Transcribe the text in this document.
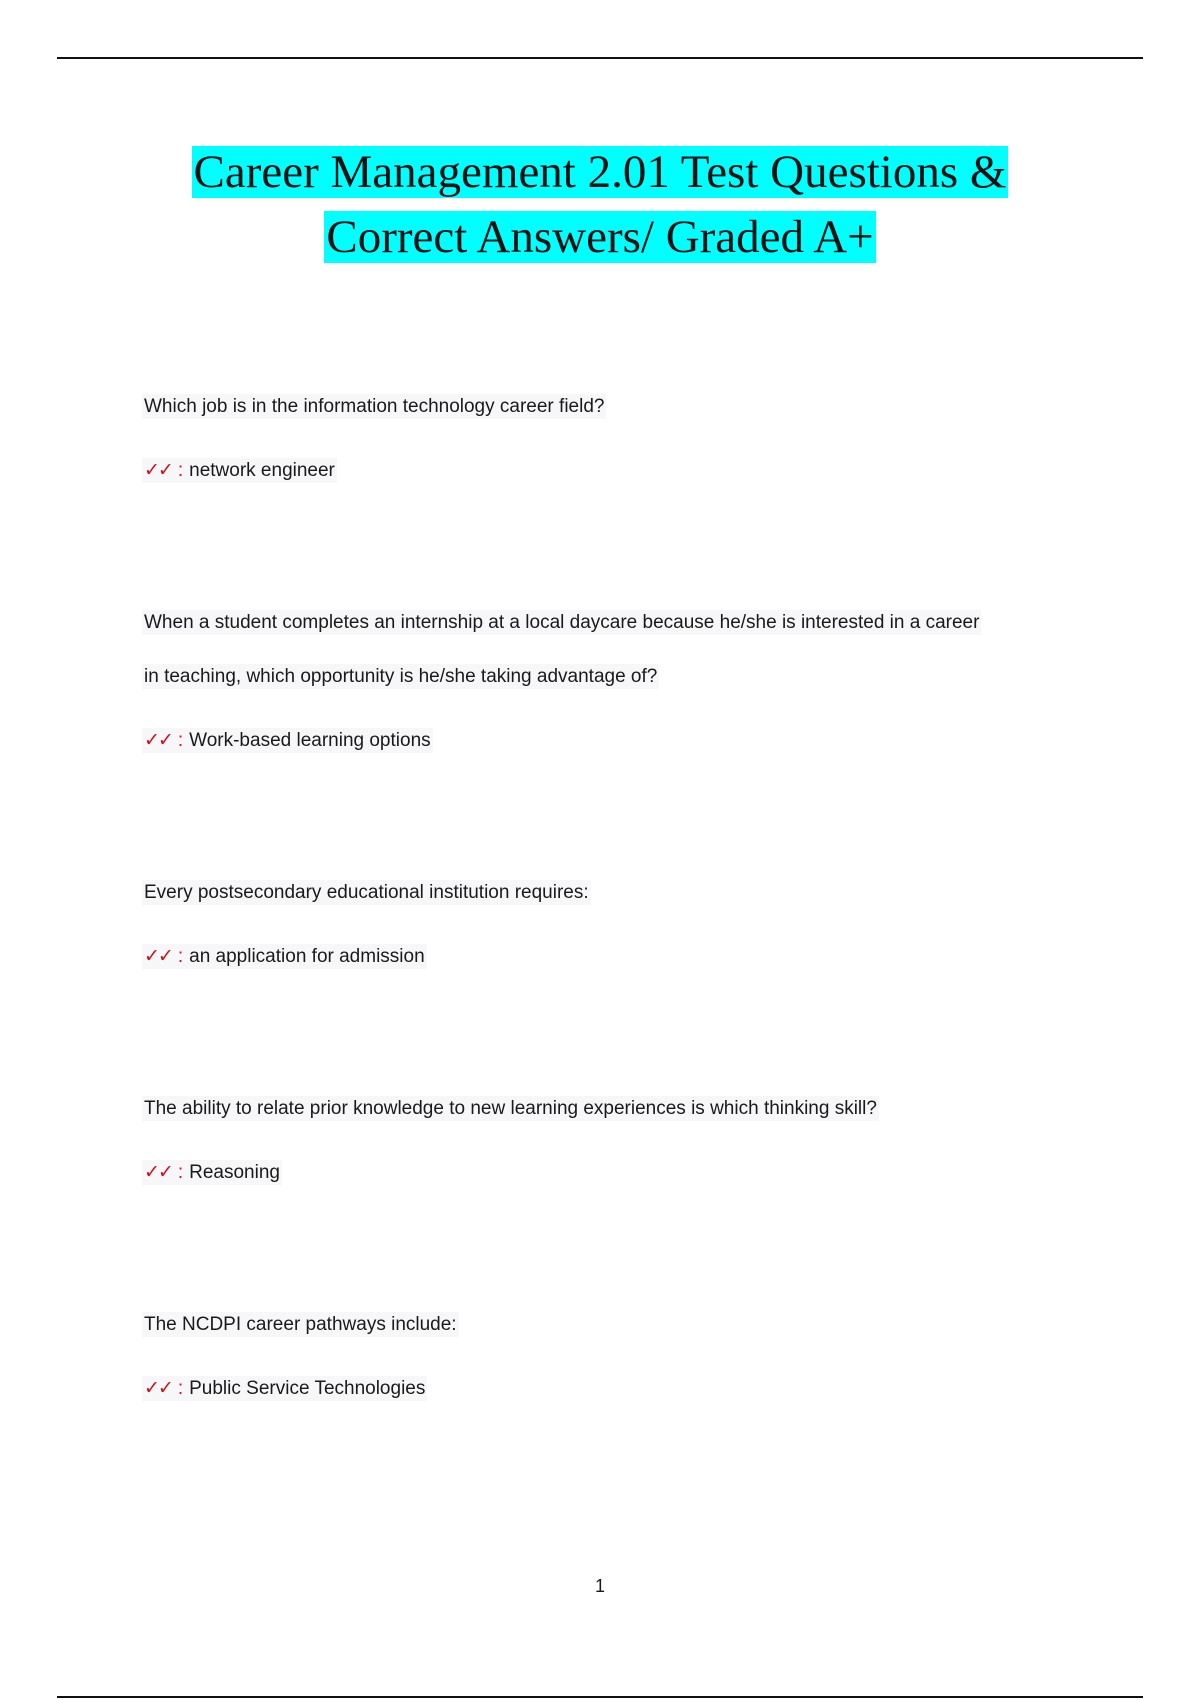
Career Management 2.01 Test Questions &
Correct Answers/ Graded A+

Which job is in the information technology career field?

✓✓ : network engineer

When a student completes an internship at a local daycare because he/she is interested in a career
in teaching, which opportunity is he/she taking advantage of?

✓✓ : Work-based learning options

Every postsecondary educational institution requires:

✓✓ : an application for admission

The ability to relate prior knowledge to new learning experiences is which thinking skill?

✓✓ : Reasoning

The NCDPI career pathways include:

✓✓ : Public Service Technologies

1
